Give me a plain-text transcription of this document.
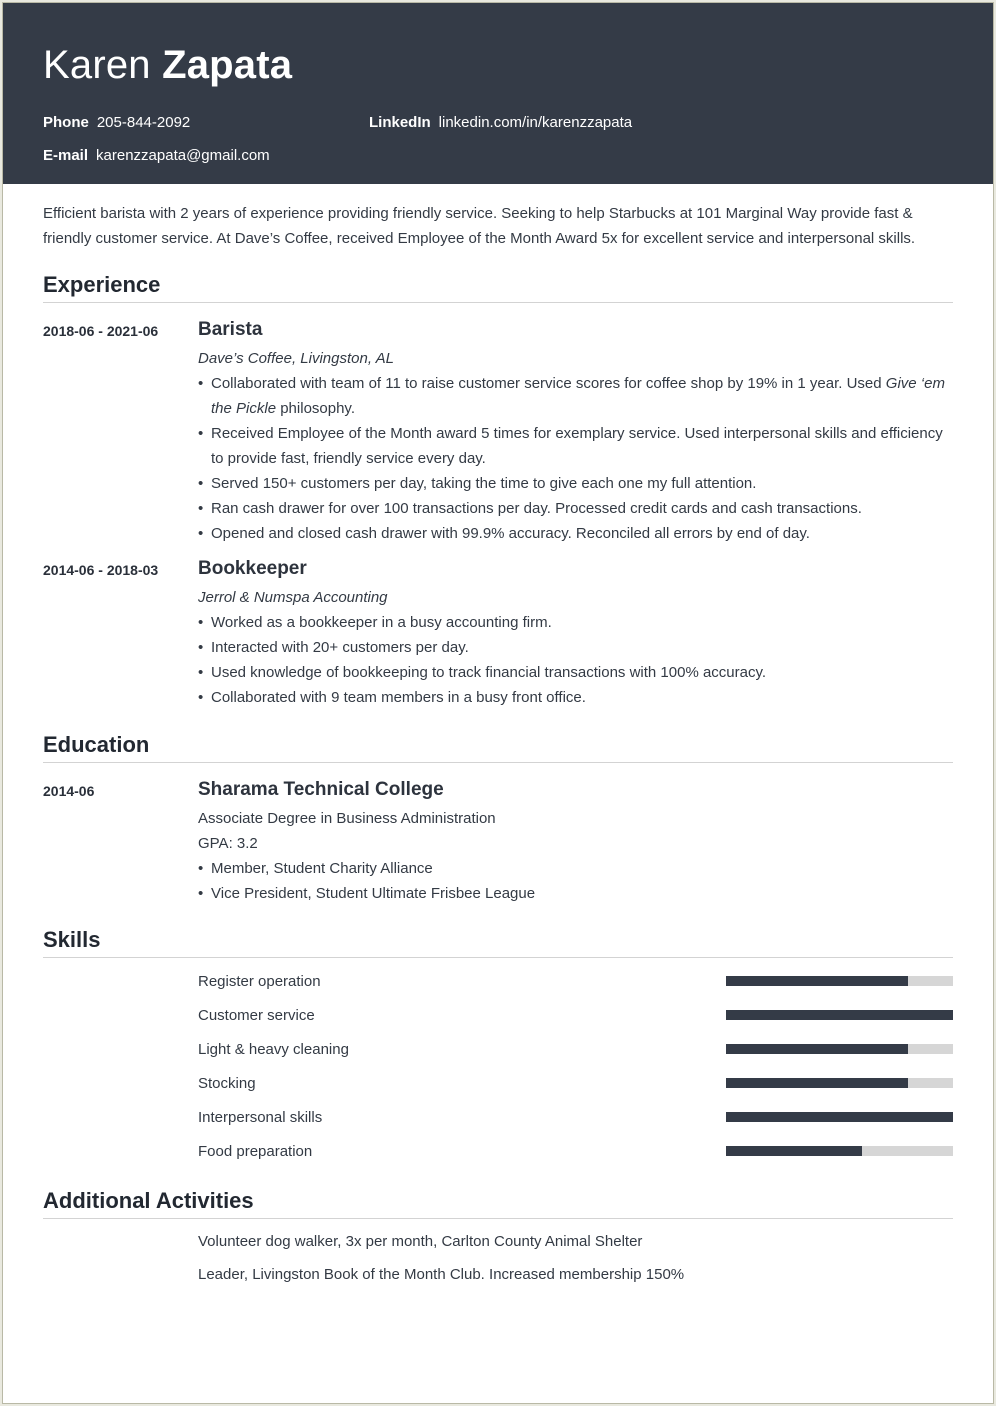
Karen Zapata
Phone 205-844-2092	LinkedIn linkedin.com/in/karenzzapata
E-mail karenzzapata@gmail.com

Efficient barista with 2 years of experience providing friendly service. Seeking to help Starbucks at 101 Marginal Way provide fast & friendly customer service. At Dave’s Coffee, received Employee of the Month Award 5x for excellent service and interpersonal skills.

Experience
2018-06 - 2021-06	Barista
Dave’s Coffee, Livingston, AL
• Collaborated with team of 11 to raise customer service scores for coffee shop by 19% in 1 year. Used Give ‘em the Pickle philosophy.
• Received Employee of the Month award 5 times for exemplary service. Used interpersonal skills and efficiency to provide fast, friendly service every day.
• Served 150+ customers per day, taking the time to give each one my full attention.
• Ran cash drawer for over 100 transactions per day. Processed credit cards and cash transactions.
• Opened and closed cash drawer with 99.9% accuracy. Reconciled all errors by end of day.
2014-06 - 2018-03	Bookkeeper
Jerrol & Numspa Accounting
• Worked as a bookkeeper in a busy accounting firm.
• Interacted with 20+ customers per day.
• Used knowledge of bookkeeping to track financial transactions with 100% accuracy.
• Collaborated with 9 team members in a busy front office.
Education
2014-06	Sharama Technical College
Associate Degree in Business Administration
GPA: 3.2
• Member, Student Charity Alliance
• Vice President, Student Ultimate Frisbee League
Skills
Register operation
Customer service
Light & heavy cleaning
Stocking
Interpersonal skills
Food preparation
Additional Activities
Volunteer dog walker, 3x per month, Carlton County Animal Shelter
Leader, Livingston Book of the Month Club. Increased membership 150%
